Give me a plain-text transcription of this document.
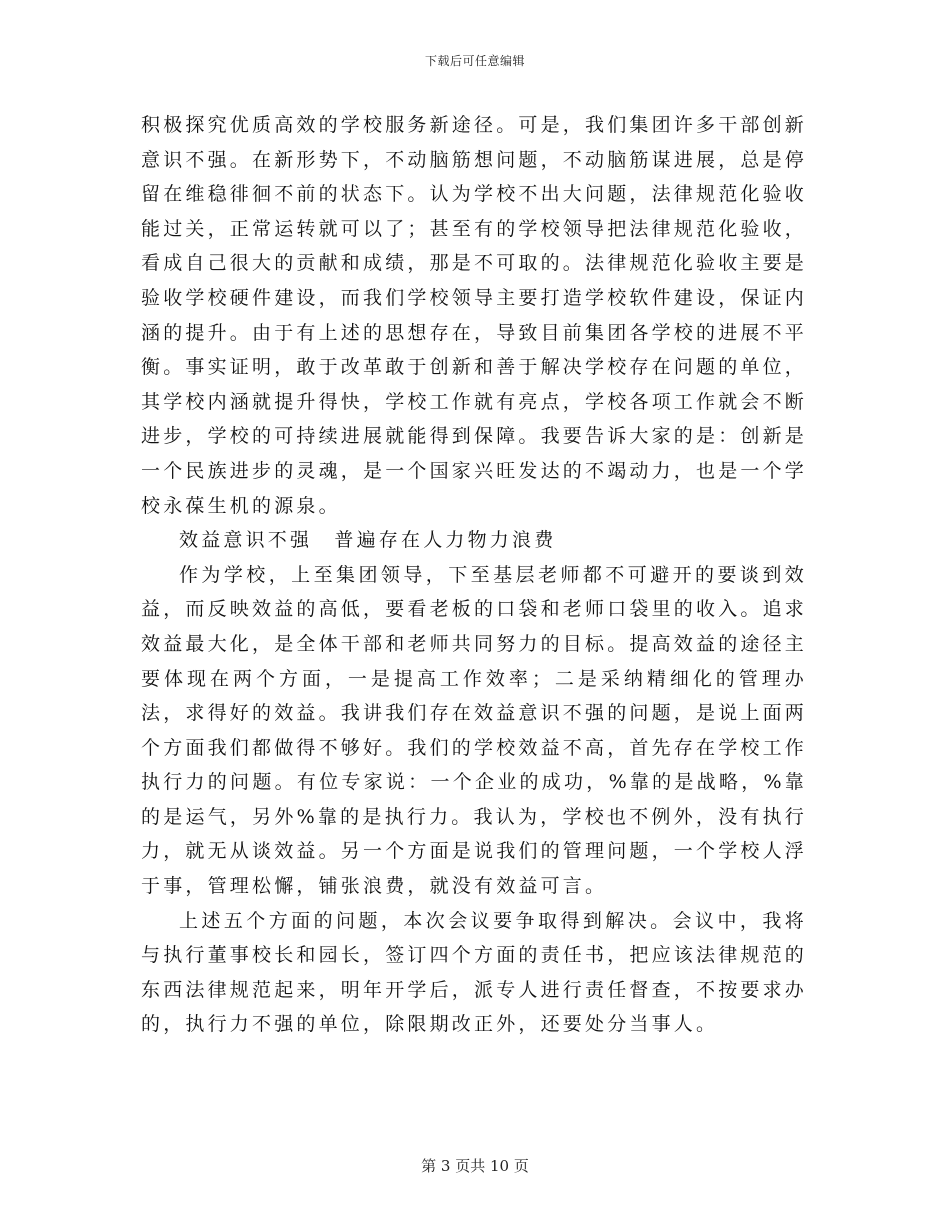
下载后可任意编辑

积极探究优质高效的学校服务新途径。可是，我们集团许多干部创新意识不强。在新形势下，不动脑筋想问题，不动脑筋谋进展，总是停留在维稳徘徊不前的状态下。认为学校不出大问题，法律规范化验收能过关，正常运转就可以了；甚至有的学校领导把法律规范化验收，看成自己很大的贡献和成绩，那是不可取的。法律规范化验收主要是验收学校硬件建设，而我们学校领导主要打造学校软件建设，保证内涵的提升。由于有上述的思想存在，导致目前集团各学校的进展不平衡。事实证明，敢于改革敢于创新和善于解决学校存在问题的单位，其学校内涵就提升得快，学校工作就有亮点，学校各项工作就会不断进步，学校的可持续进展就能得到保障。我要告诉大家的是：创新是一个民族进步的灵魂，是一个国家兴旺发达的不竭动力，也是一个学校永葆生机的源泉。

效益意识不强　普遍存在人力物力浪费

作为学校，上至集团领导，下至基层老师都不可避开的要谈到效益，而反映效益的高低，要看老板的口袋和老师口袋里的收入。追求效益最大化，是全体干部和老师共同努力的目标。提高效益的途径主要体现在两个方面，一是提高工作效率；二是采纳精细化的管理办法，求得好的效益。我讲我们存在效益意识不强的问题，是说上面两个方面我们都做得不够好。我们的学校效益不高，首先存在学校工作执行力的问题。有位专家说：一个企业的成功，%靠的是战略，%靠的是运气，另外%靠的是执行力。我认为，学校也不例外，没有执行力，就无从谈效益。另一个方面是说我们的管理问题，一个学校人浮于事，管理松懈，铺张浪费，就没有效益可言。

上述五个方面的问题，本次会议要争取得到解决。会议中，我将与执行董事校长和园长，签订四个方面的责任书，把应该法律规范的东西法律规范起来，明年开学后，派专人进行责任督查，不按要求办的，执行力不强的单位，除限期改正外，还要处分当事人。

第 3 页共 10 页
